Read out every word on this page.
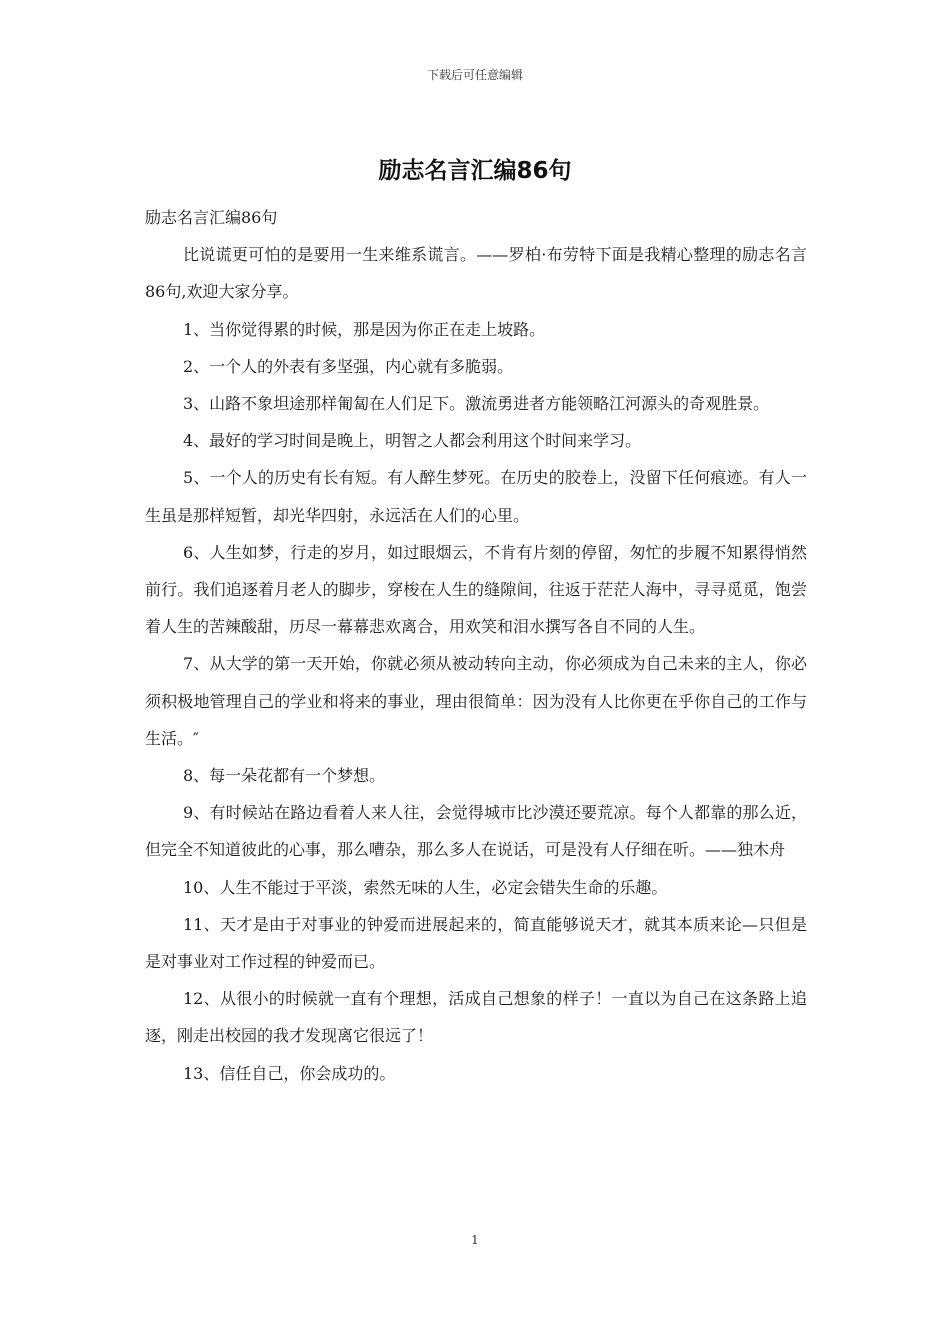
下载后可任意编辑
励志名言汇编86句

励志名言汇编86句

比说谎更可怕的是要用一生来维系谎言。——罗柏·布劳特下面是我精心整理的励志名言86句,欢迎大家分享。

1、当你觉得累的时候，那是因为你正在走上坡路。

2、一个人的外表有多坚强，内心就有多脆弱。

3、山路不象坦途那样匍匐在人们足下。激流勇进者方能领略江河源头的奇观胜景。

4、最好的学习时间是晚上，明智之人都会利用这个时间来学习。

5、一个人的历史有长有短。有人醉生梦死。在历史的胶卷上，没留下任何痕迹。有人一生虽是那样短暂，却光华四射，永远活在人们的心里。

6、人生如梦，行走的岁月，如过眼烟云，不肯有片刻的停留，匆忙的步履不知累得悄然前行。我们追逐着月老人的脚步，穿梭在人生的缝隙间，往返于茫茫人海中，寻寻觅觅，饱尝着人生的苦辣酸甜，历尽一幕幕悲欢离合，用欢笑和泪水撰写各自不同的人生。

7、从大学的第一天开始，你就必须从被动转向主动，你必须成为自己未来的主人，你必须积极地管理自己的学业和将来的事业，理由很简单：因为没有人比你更在乎你自己的工作与生活。″

8、每一朵花都有一个梦想。

9、有时候站在路边看着人来人往，会觉得城市比沙漠还要荒凉。每个人都靠的那么近，但完全不知道彼此的心事，那么嘈杂，那么多人在说话，可是没有人仔细在听。——独木舟

10、人生不能过于平淡，索然无味的人生，必定会错失生命的乐趣。

11、天才是由于对事业的钟爱而进展起来的，简直能够说天才，就其本质来论—只但是是对事业对工作过程的钟爱而已。

12、从很小的时候就一直有个理想，活成自己想象的样子！一直以为自己在这条路上追逐，刚走出校园的我才发现离它很远了！

13、信任自己，你会成功的。

1
